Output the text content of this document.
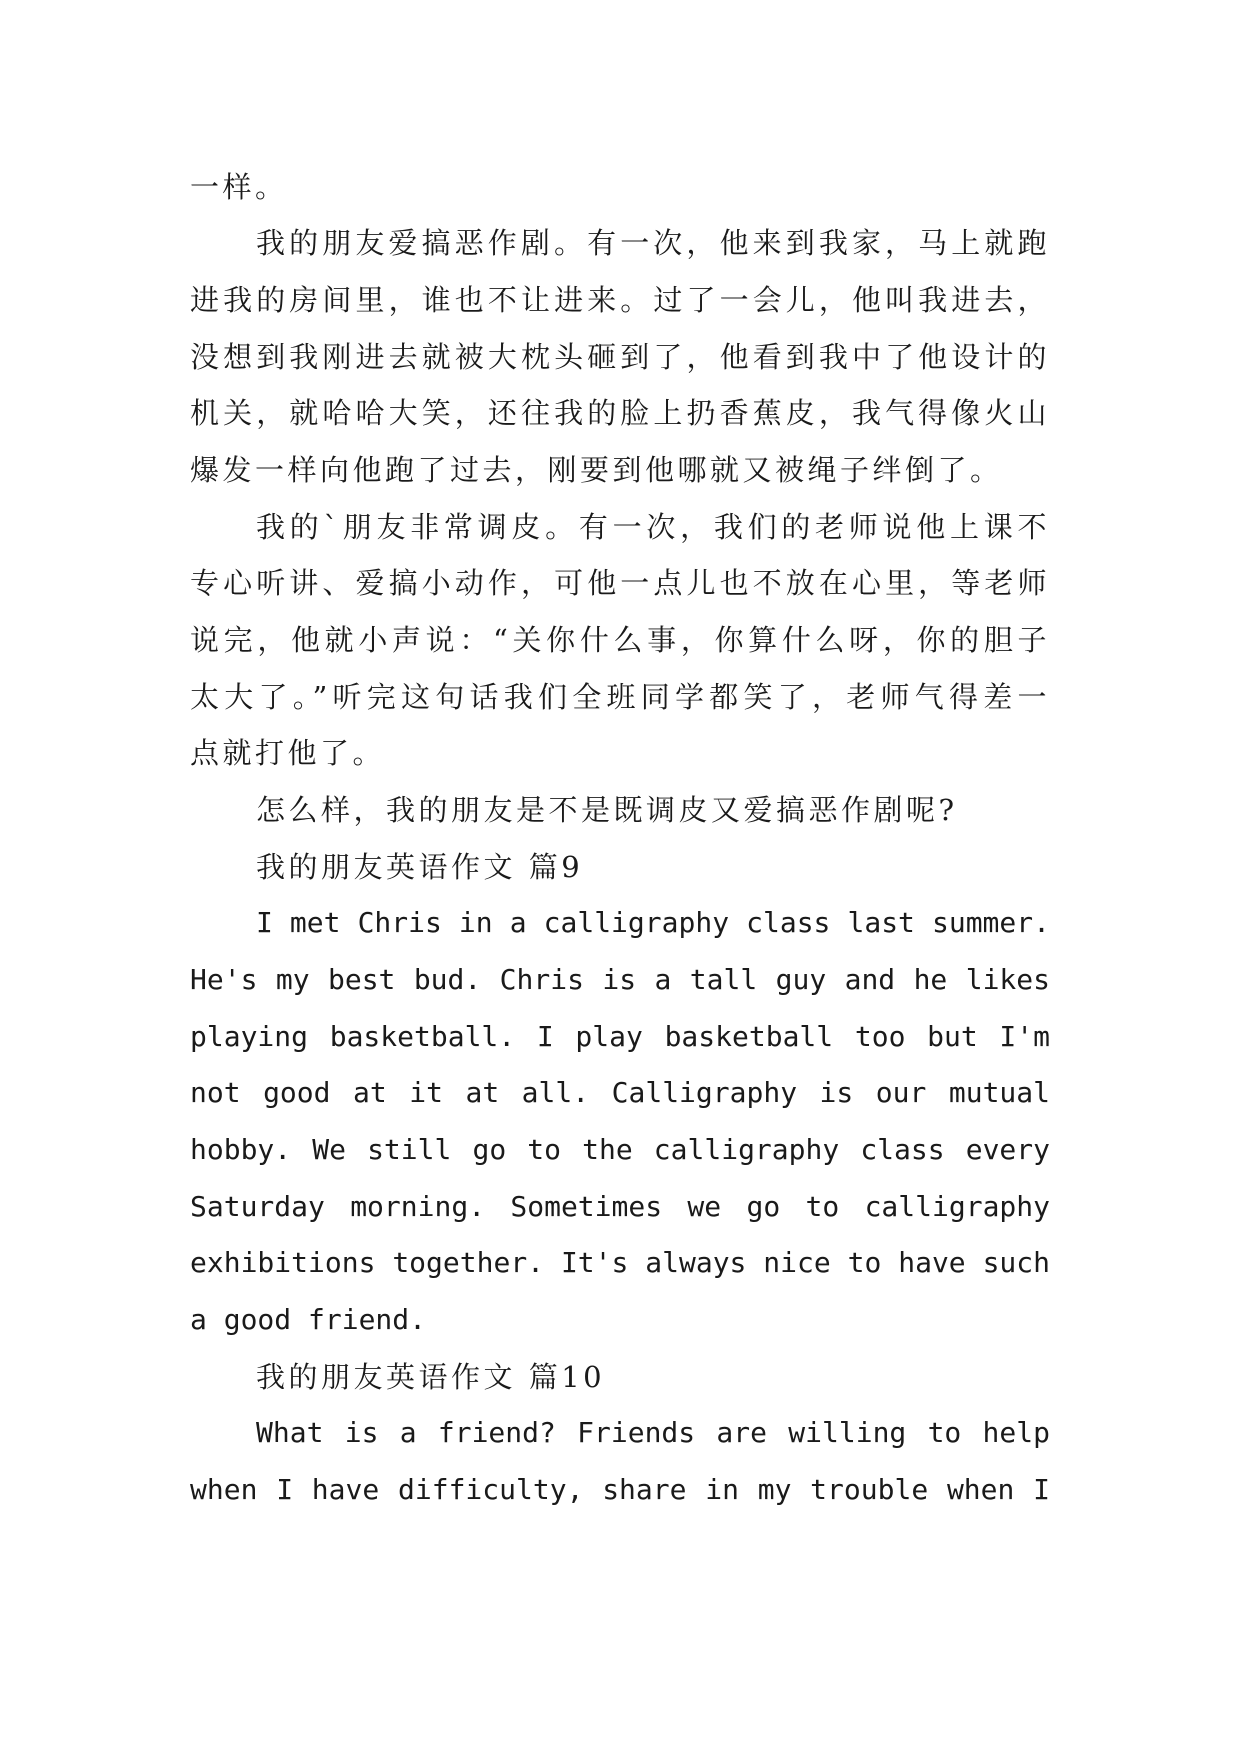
一样。
我的朋友爱搞恶作剧。有一次，他来到我家，马上就跑
进我的房间里，谁也不让进来。过了一会儿，他叫我进去，
没想到我刚进去就被大枕头砸到了，他看到我中了他设计的
机关，就哈哈大笑，还往我的脸上扔香蕉皮，我气得像火山
爆发一样向他跑了过去，刚要到他哪就又被绳子绊倒了。
我的`朋友非常调皮。有一次，我们的老师说他上课不
专心听讲、爱搞小动作，可他一点儿也不放在心里，等老师
说完，他就小声说：“关你什么事，你算什么呀，你的胆子
太大了。”听完这句话我们全班同学都笑了，老师气得差一
点就打他了。
怎么样，我的朋友是不是既调皮又爱搞恶作剧呢?
我的朋友英语作文 篇9
I met Chris in a calligraphy class last summer.
He's my best bud. Chris is a tall guy and he likes
playing basketball. I play basketball too but I'm
not good at it at all. Calligraphy is our mutual
hobby. We still go to the calligraphy class every
Saturday morning. Sometimes we go to calligraphy
exhibitions together. It's always nice to have such
a good friend.
我的朋友英语作文 篇10
What is a friend? Friends are willing to help
when I have difficulty, share in my trouble when I
